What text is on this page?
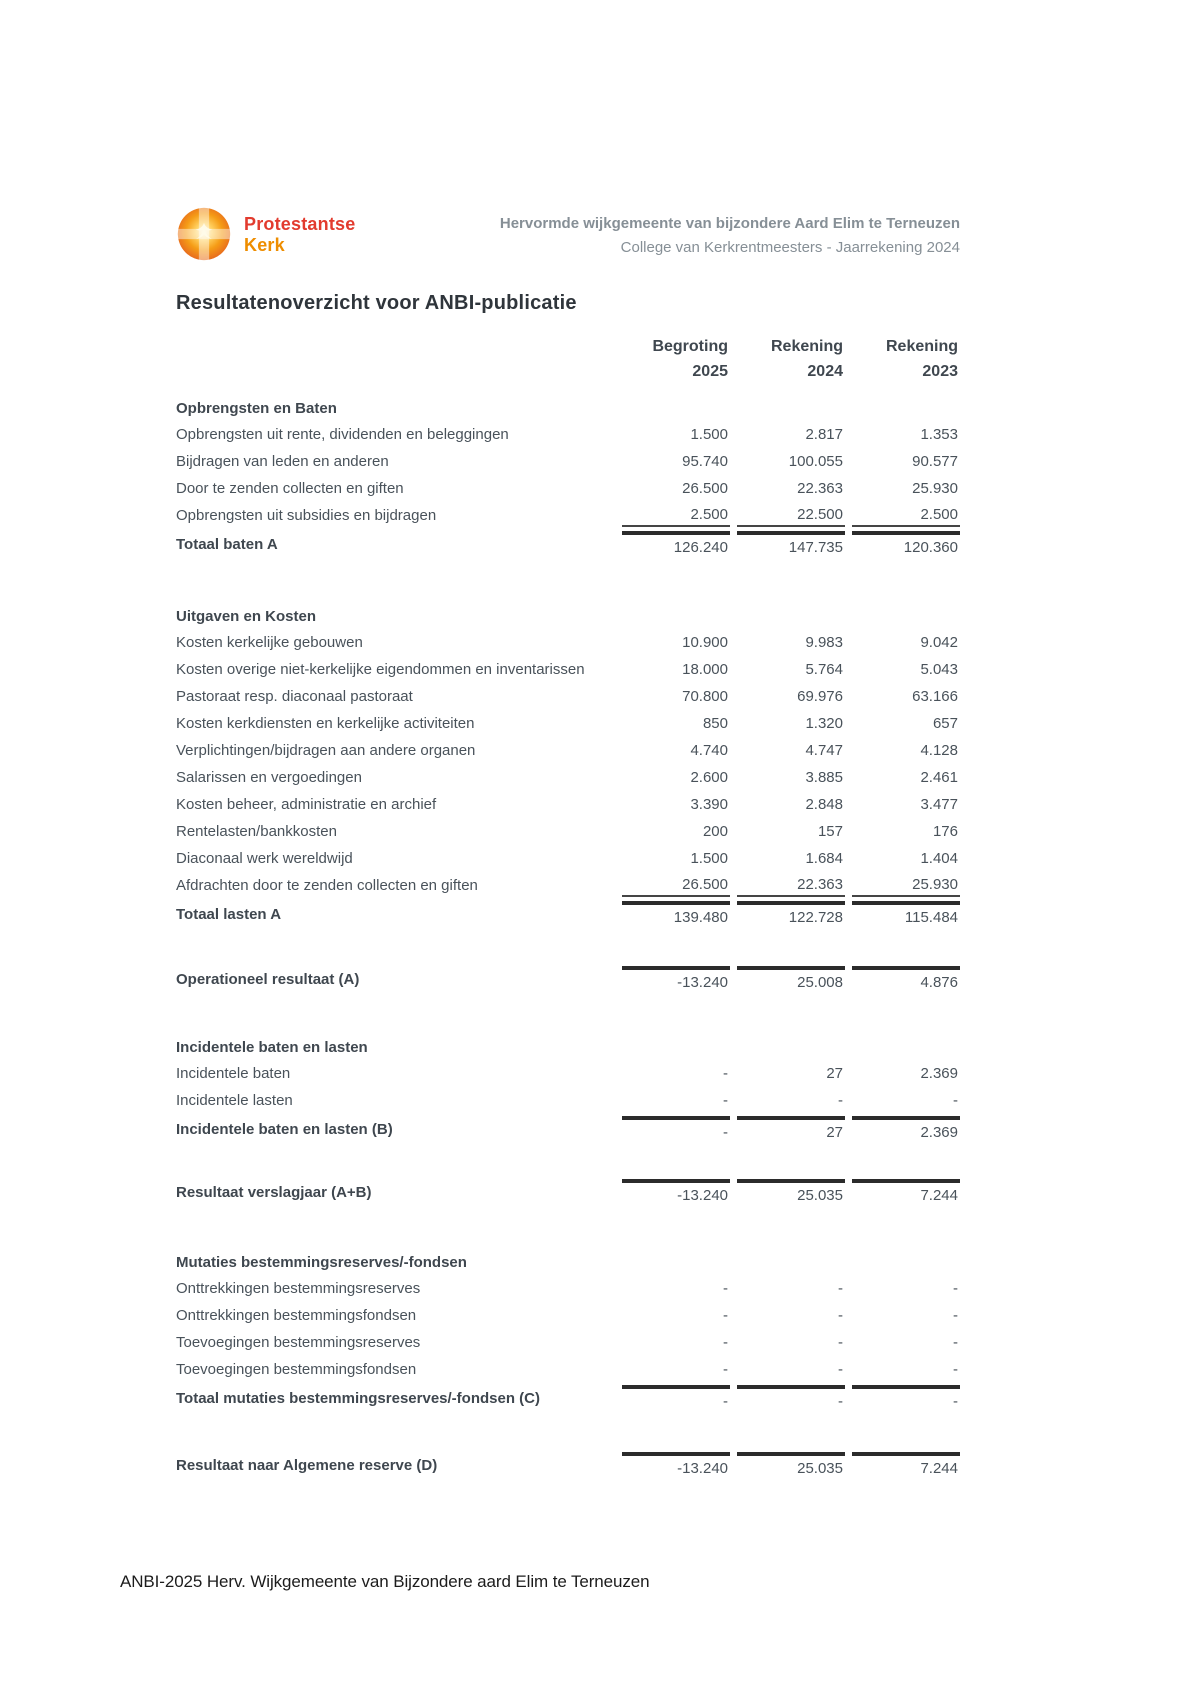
Protestantse
Kerk
Hervormde wijkgemeente van bijzondere Aard Elim te Terneuzen
College van Kerkrentmeesters - Jaarrekening 2024
Resultatenoverzicht voor ANBI-publicatie
Begroting
2025
Rekening
2024
Rekening
2023
Opbrengsten en Baten
Opbrengsten uit rente, dividenden en beleggingen	1.500	2.817	1.353
Bijdragen van leden en anderen	95.740	100.055	90.577
Door te zenden collecten en giften	26.500	22.363	25.930
Opbrengsten uit subsidies en bijdragen	2.500	22.500	2.500
Totaal baten A	126.240	147.735	120.360
Uitgaven en Kosten
Kosten kerkelijke gebouwen	10.900	9.983	9.042
Kosten overige niet-kerkelijke eigendommen en inventarissen	18.000	5.764	5.043
Pastoraat resp. diaconaal pastoraat	70.800	69.976	63.166
Kosten kerkdiensten en kerkelijke activiteiten	850	1.320	657
Verplichtingen/bijdragen aan andere organen	4.740	4.747	4.128
Salarissen en vergoedingen	2.600	3.885	2.461
Kosten beheer, administratie en archief	3.390	2.848	3.477
Rentelasten/bankkosten	200	157	176
Diaconaal werk wereldwijd	1.500	1.684	1.404
Afdrachten door te zenden collecten en giften	26.500	22.363	25.930
Totaal lasten A	139.480	122.728	115.484
Operationeel resultaat (A)	-13.240	25.008	4.876
Incidentele baten en lasten
Incidentele baten	-	27	2.369
Incidentele lasten	-	-	-
Incidentele baten en lasten (B)	-	27	2.369
Resultaat verslagjaar (A+B)	-13.240	25.035	7.244
Mutaties bestemmingsreserves/-fondsen
Onttrekkingen bestemmingsreserves	-	-	-
Onttrekkingen bestemmingsfondsen	-	-	-
Toevoegingen bestemmingsreserves	-	-	-
Toevoegingen bestemmingsfondsen	-	-	-
Totaal mutaties bestemmingsreserves/-fondsen (C)	-	-	-
Resultaat naar Algemene reserve (D)	-13.240	25.035	7.244
ANBI-2025 Herv. Wijkgemeente van Bijzondere aard Elim te Terneuzen
